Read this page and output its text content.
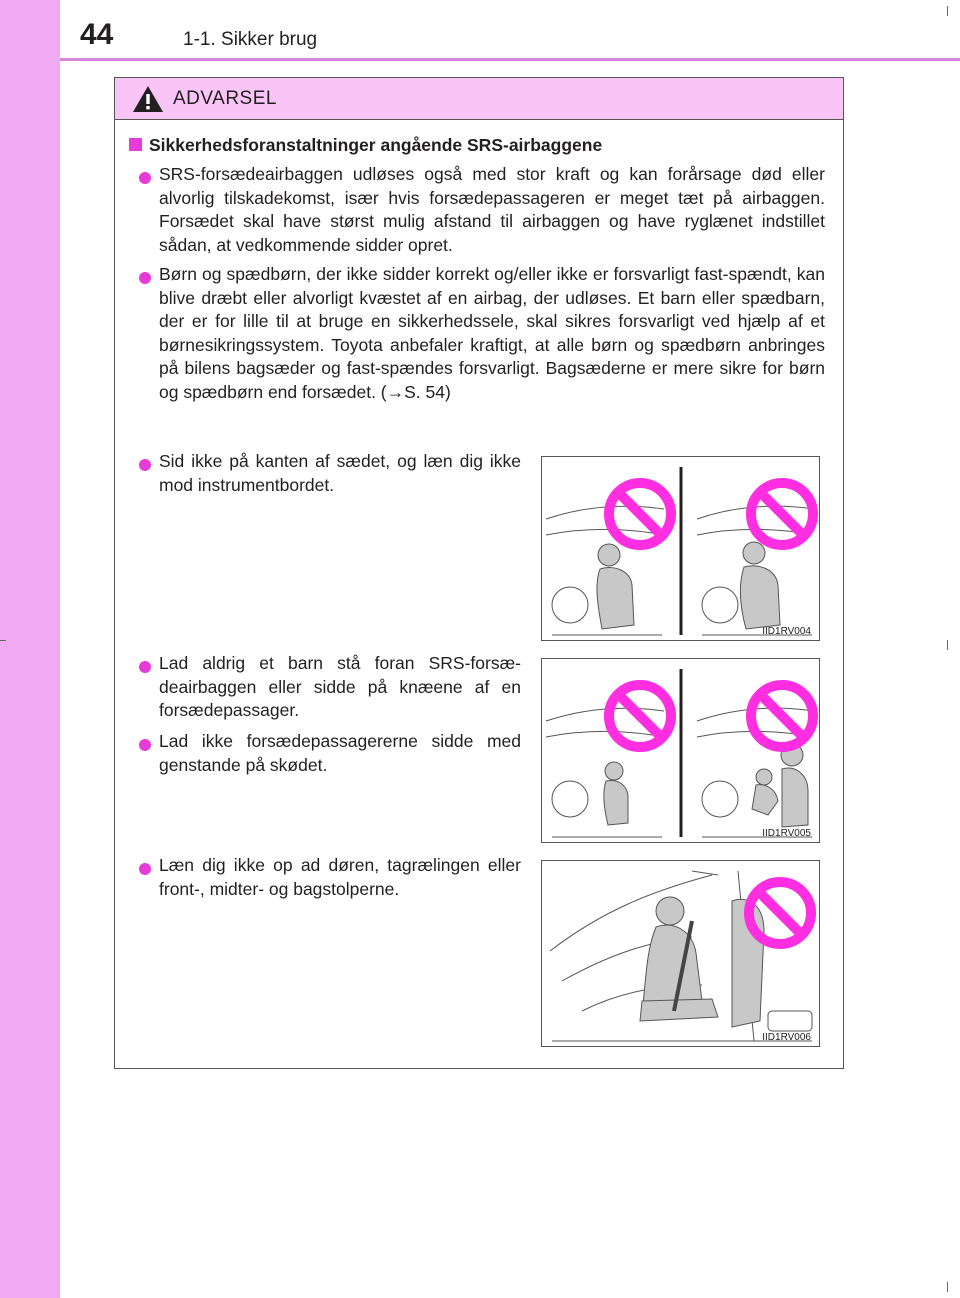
44	1-1. Sikker brug
ADVARSEL
Sikkerhedsforanstaltninger angående SRS-airbaggene
SRS-forsædeairbaggen udløses også med stor kraft og kan forårsage død eller alvorlig tilskadekomst, især hvis forsædepassageren er meget tæt på airbaggen. Forsædet skal have størst mulig afstand til airbaggen og have ryglænet indstillet sådan, at vedkommende sidder opret.
Børn og spædbørn, der ikke sidder korrekt og/eller ikke er forsvarligt fast-spændt, kan blive dræbt eller alvorligt kvæstet af en airbag, der udløses. Et barn eller spædbarn, der er for lille til at bruge en sikkerhedssele, skal sikres forsvarligt ved hjælp af et børnesikringssystem. Toyota anbefaler kraftigt, at alle børn og spædbørn anbringes på bilens bagsæder og fast-spændes forsvarligt. Bagsæderne er mere sikre for børn og spædbørn end forsædet. (→S. 54)
Sid ikke på kanten af sædet, og læn dig ikke mod instrumentbordet.
Lad aldrig et barn stå foran SRS-forsæ-deairbaggen eller sidde på knæene af en forsædepassager.
Lad ikke forsædepassagererne sidde med genstande på skødet.
Læn dig ikke op ad døren, tagrælingen eller front-, midter- og bagstolperne.
IID1RV004
IID1RV005
IID1RV006
